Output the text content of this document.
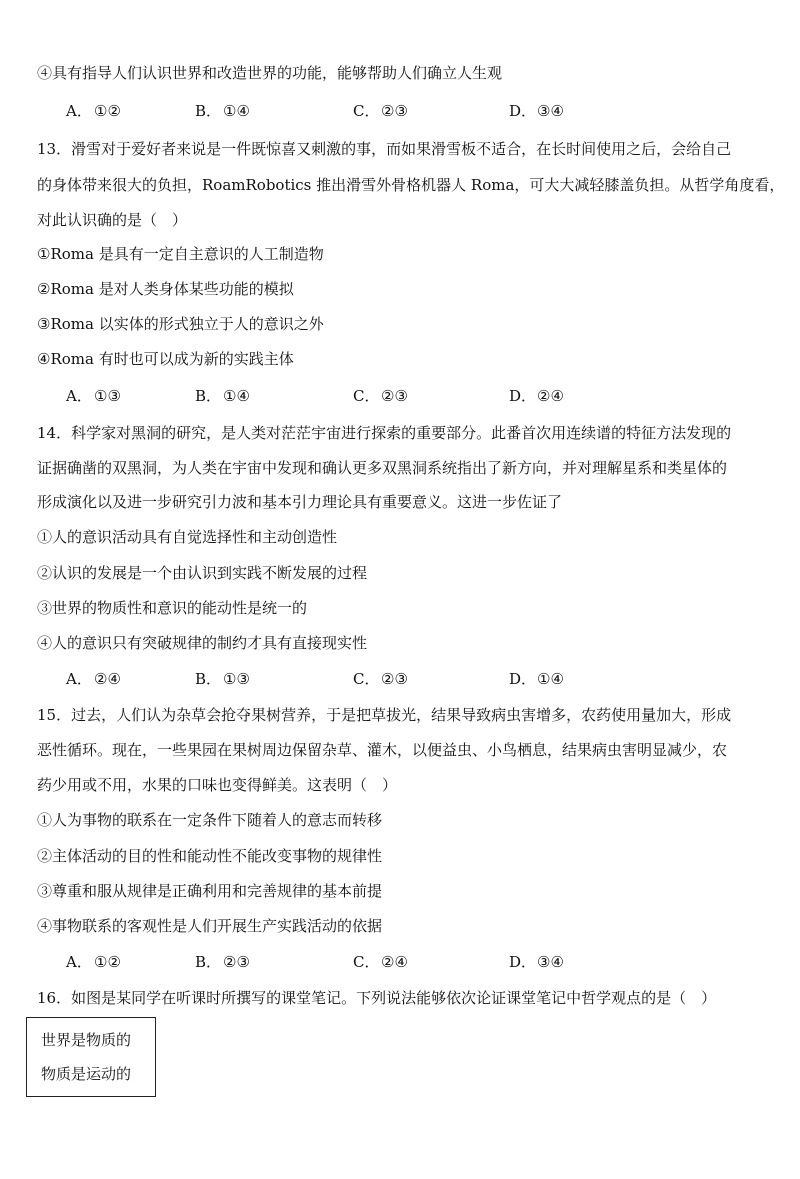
④具有指导人们认识世界和改造世界的功能，能够帮助人们确立人生观
A． ①②	B． ①④	C． ②③	D．③④
13．滑雪对于爱好者来说是一件既惊喜又刺激的事，而如果滑雪板不适合，在长时间使用之后，会给自己
的身体带来很大的负担，RoamRobotics 推出滑雪外骨格机器人 Roma，可大大减轻膝盖负担。从哲学角度看，
对此认识确的是（　）
①Roma 是具有一定自主意识的人工制造物
②Roma 是对人类身体某些功能的模拟
③Roma 以实体的形式独立于人的意识之外
④Roma 有时也可以成为新的实践主体
A． ①③	B． ①④	C． ②③	D．②④
14．科学家对黑洞的研究，是人类对茫茫宇宙进行探索的重要部分。此番首次用连续谱的特征方法发现的
证据确凿的双黑洞，为人类在宇宙中发现和确认更多双黑洞系统指出了新方向，并对理解星系和类星体的
形成演化以及进一步研究引力波和基本引力理论具有重要意义。这进一步佐证了
①人的意识活动具有自觉选择性和主动创造性
②认识的发展是一个由认识到实践不断发展的过程
③世界的物质性和意识的能动性是统一的
④人的意识只有突破规律的制约才具有直接现实性
A． ②④	B． ①③	C． ②③	D．①④
15．过去，人们认为杂草会抢夺果树营养，于是把草拔光，结果导致病虫害增多，农药使用量加大，形成
恶性循环。现在，一些果园在果树周边保留杂草、灌木，以便益虫、小鸟栖息，结果病虫害明显减少，农
药少用或不用，水果的口味也变得鲜美。这表明（　）
①人为事物的联系在一定条件下随着人的意志而转移
②主体活动的目的性和能动性不能改变事物的规律性
③尊重和服从规律是正确利用和完善规律的基本前提
④事物联系的客观性是人们开展生产实践活动的依据
A． ①②	B． ②③	C． ②④	D．③④
16．如图是某同学在听课时所撰写的课堂笔记。下列说法能够依次论证课堂笔记中哲学观点的是（　）
世界是物质的
物质是运动的
